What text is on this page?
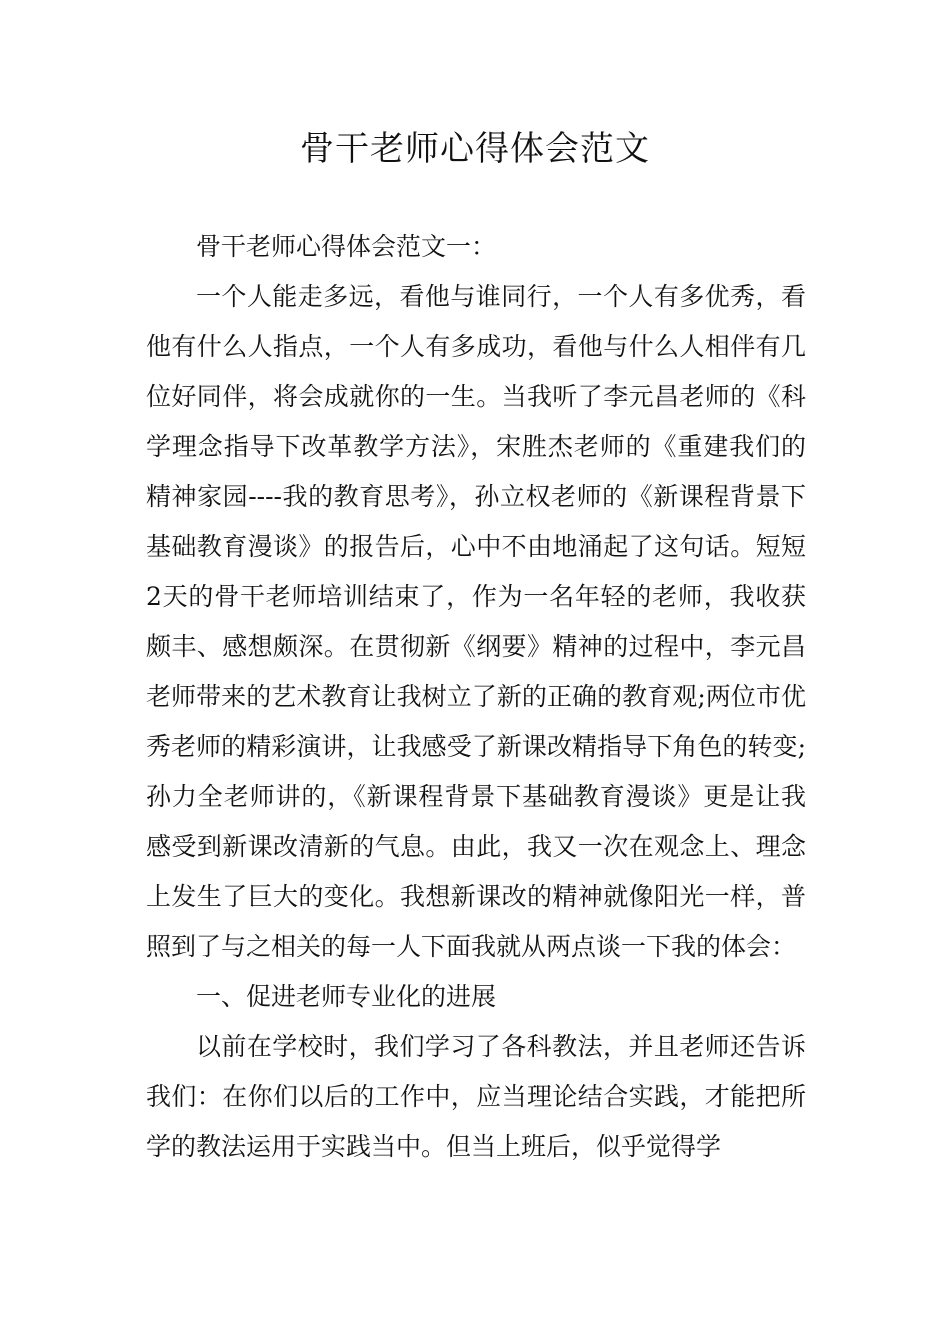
骨干老师心得体会范文

骨干老师心得体会范文一：

一个人能走多远，看他与谁同行，一个人有多优秀，看他有什么人指点，一个人有多成功，看他与什么人相伴有几位好同伴，将会成就你的一生。当我听了李元昌老师的《科学理念指导下改革教学方法》，宋胜杰老师的《重建我们的精神家园----我的教育思考》，孙立权老师的《新课程背景下基础教育漫谈》的报告后，心中不由地涌起了这句话。短短2天的骨干老师培训结束了，作为一名年轻的老师，我收获颇丰、感想颇深。在贯彻新《纲要》精神的过程中，李元昌老师带来的艺术教育让我树立了新的正确的教育观;两位市优秀老师的精彩演讲，让我感受了新课改精指导下角色的转变;孙力全老师讲的，《新课程背景下基础教育漫谈》更是让我感受到新课改清新的气息。由此，我又一次在观念上、理念上发生了巨大的变化。我想新课改的精神就像阳光一样，普照到了与之相关的每一人下面我就从两点谈一下我的体会：

一、促进老师专业化的进展

以前在学校时，我们学习了各科教法，并且老师还告诉我们：在你们以后的工作中，应当理论结合实践，才能把所学的教法运用于实践当中。但当上班后，似乎觉得学
